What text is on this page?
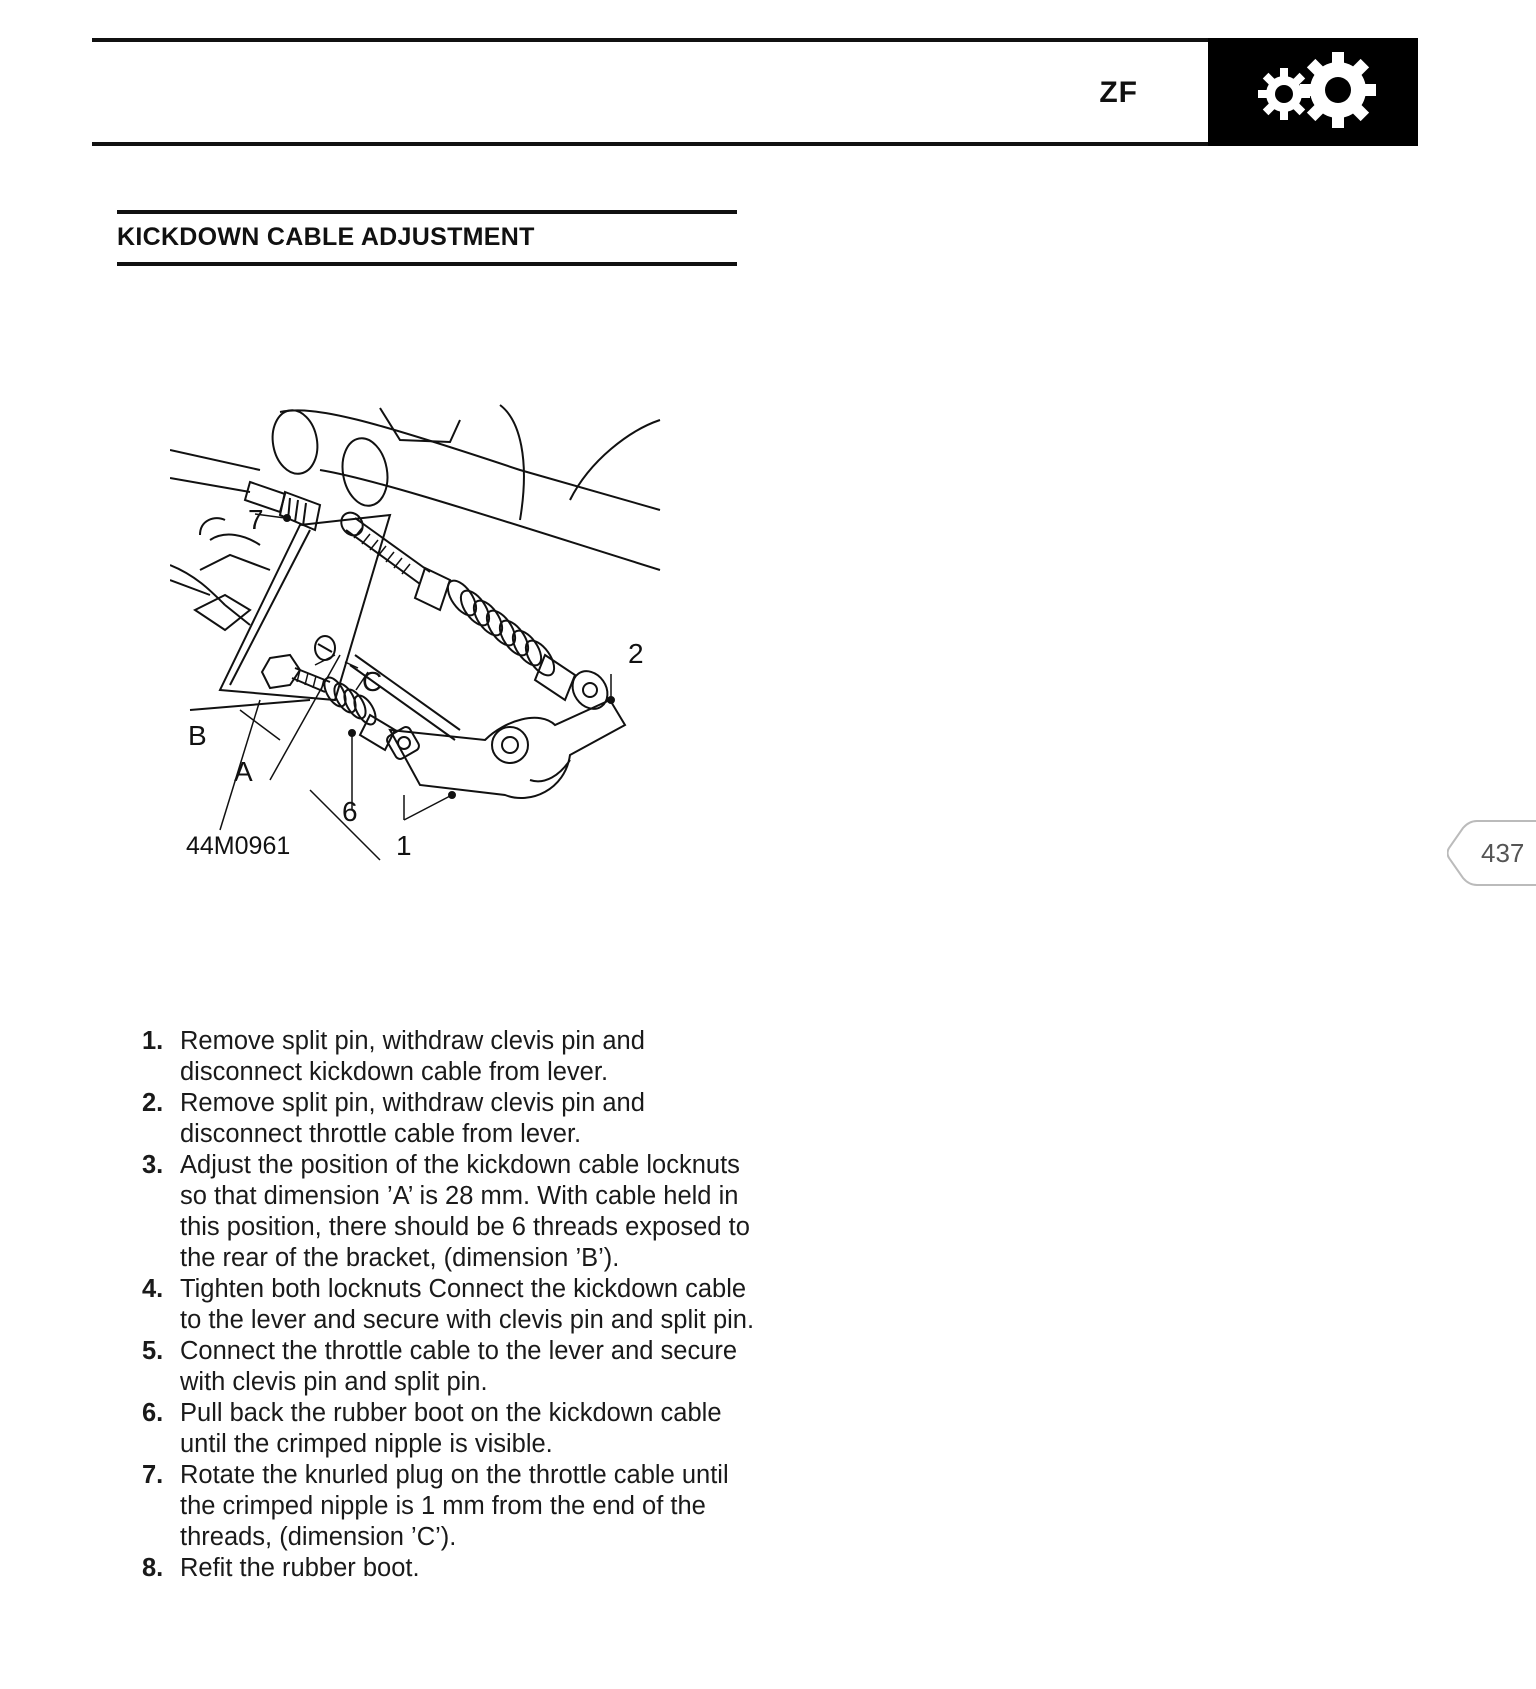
ZF
KICKDOWN CABLE ADJUSTMENT
7
2
C
B
A
6
1
44M0961	437
1. Remove split pin, withdraw clevis pin and disconnect kickdown cable from lever.
2. Remove split pin, withdraw clevis pin and disconnect throttle cable from lever.
3. Adjust the position of the kickdown cable locknuts so that dimension ’A’ is 28 mm. With cable held in this position, there should be 6 threads exposed to the rear of the bracket, (dimension ’B’).
4. Tighten both locknuts Connect the kickdown cable to the lever and secure with clevis pin and split pin.
5. Connect the throttle cable to the lever and secure with clevis pin and split pin.
6. Pull back the rubber boot on the kickdown cable until the crimped nipple is visible.
7. Rotate the knurled plug on the throttle cable until the crimped nipple is 1 mm from the end of the threads, (dimension ’C’).
8. Refit the rubber boot.
